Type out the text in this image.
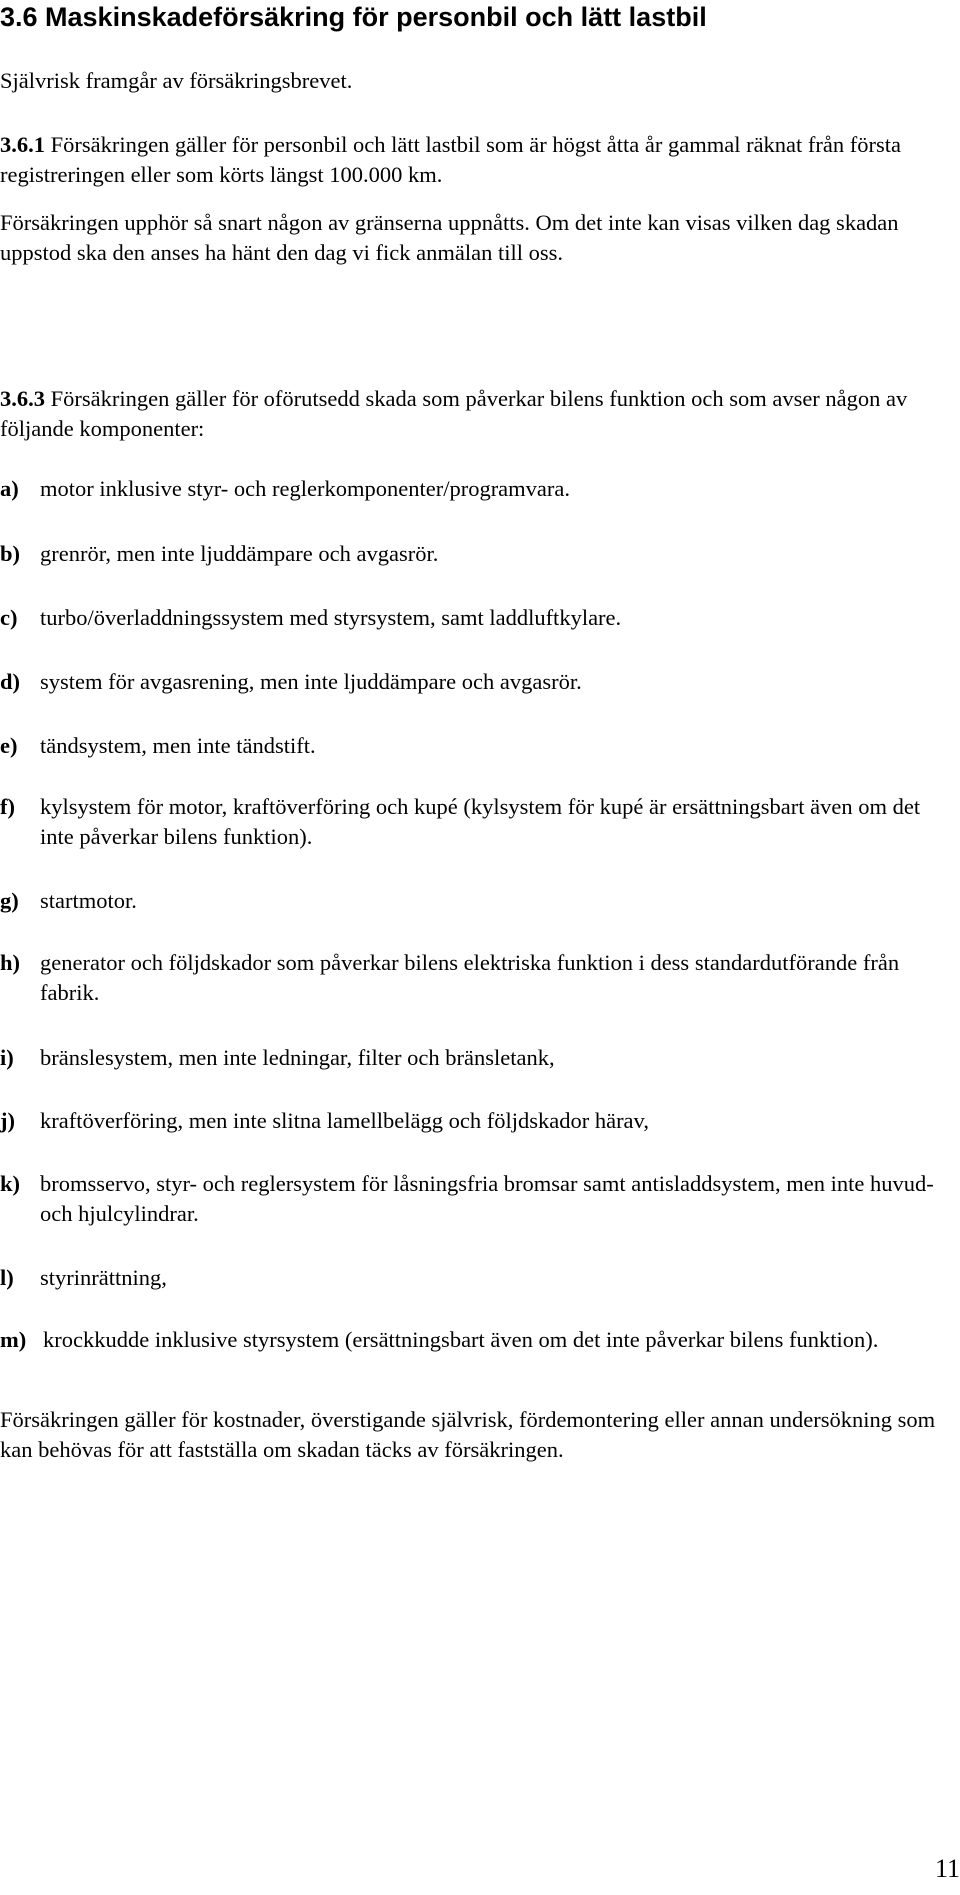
3.6 Maskinskadeförsäkring för personbil och lätt lastbil

Självrisk framgår av försäkringsbrevet.

3.6.1 Försäkringen gäller för personbil och lätt lastbil som är högst åtta år gammal räknat från första registreringen eller som körts längst 100.000 km.

Försäkringen upphör så snart någon av gränserna uppnåtts. Om det inte kan visas vilken dag skadan uppstod ska den anses ha hänt den dag vi fick anmälan till oss.

3.6.3 Försäkringen gäller för oförutsedd skada som påverkar bilens funktion och som avser någon av följande komponenter:

a) motor inklusive styr- och reglerkomponenter/programvara.
b) grenrör, men inte ljuddämpare och avgasrör.
c) turbo/överladdningssystem med styrsystem, samt laddluftkylare.
d) system för avgasrening, men inte ljuddämpare och avgasrör.
e) tändsystem, men inte tändstift.
f) kylsystem för motor, kraftöverföring och kupé (kylsystem för kupé är ersättningsbart även om det inte påverkar bilens funktion).
g) startmotor.
h) generator och följdskador som påverkar bilens elektriska funktion i dess standardutförande från fabrik.
i) bränslesystem, men inte ledningar, filter och bränsletank,
j) kraftöverföring, men inte slitna lamellbelägg och följdskador härav,
k) bromsservo, styr- och reglersystem för låsningsfria bromsar samt antisladdsystem, men inte huvud- och hjulcylindrar.
l) styrinrättning,
m) krockkudde inklusive styrsystem (ersättningsbart även om det inte påverkar bilens funktion).

Försäkringen gäller för kostnader, överstigande självrisk, fördemontering eller annan undersökning som kan behövas för att fastställa om skadan täcks av försäkringen.

11
